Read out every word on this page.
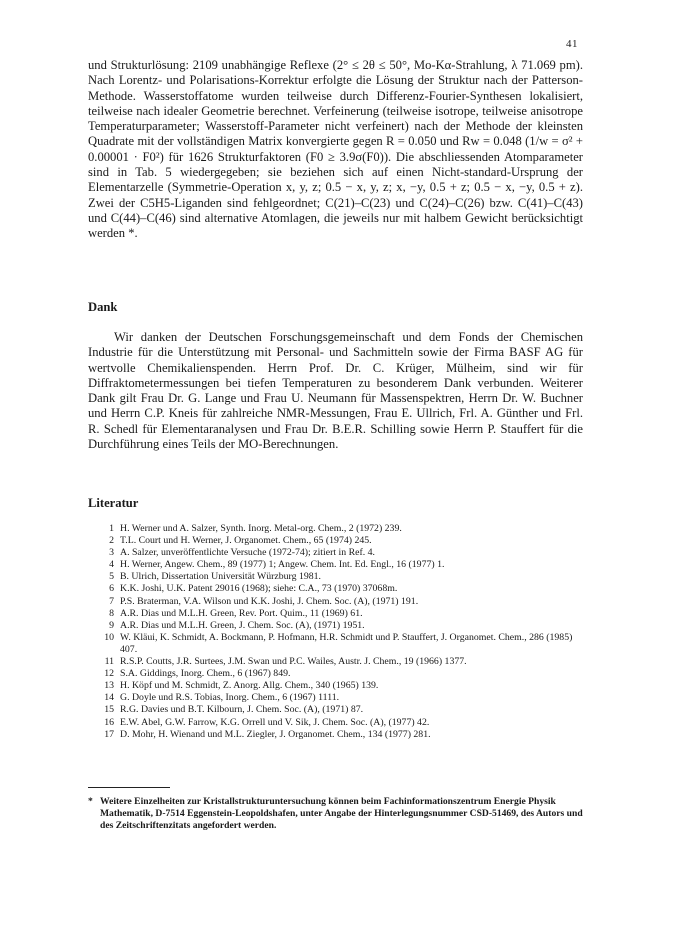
41

und Strukturlösung: 2109 unabhängige Reflexe (2° ≤ 2θ ≤ 50°, Mo-Kα-Strahlung, λ 71.069 pm). Nach Lorentz- und Polarisations-Korrektur erfolgte die Lösung der Struktur nach der Patterson-Methode. Wasserstoffatome wurden teilweise durch Differenz-Fourier-Synthesen lokalisiert, teilweise nach idealer Geometrie berechnet. Verfeinerung (teilweise isotrope, teilweise anisotrope Temperaturparameter; Wasserstoff-Parameter nicht verfeinert) nach der Methode der kleinsten Quadrate mit der vollständigen Matrix konvergierte gegen R = 0.050 und Rw = 0.048 (1/w = σ² + 0.00001 · F0²) für 1626 Strukturfaktoren (F0 ≥ 3.9σ(F0)). Die abschliessenden Atomparameter sind in Tab. 5 wiedergegeben; sie beziehen sich auf einen Nicht-standard-Ursprung der Elementarzelle (Symmetrie-Operation x, y, z; 0.5 − x, y, z; x, −y, 0.5 + z; 0.5 − x, −y, 0.5 + z). Zwei der C5H5-Liganden sind fehlgeordnet; C(21)–C(23) und C(24)–C(26) bzw. C(41)–C(43) und C(44)–C(46) sind alternative Atomlagen, die jeweils nur mit halbem Gewicht berücksichtigt werden *.

Dank

Wir danken der Deutschen Forschungsgemeinschaft und dem Fonds der Chemischen Industrie für die Unterstützung mit Personal- und Sachmitteln sowie der Firma BASF AG für wertvolle Chemikalienspenden. Herrn Prof. Dr. C. Krüger, Mülheim, sind wir für Diffraktometermessungen bei tiefen Temperaturen zu besonderem Dank verbunden. Weiterer Dank gilt Frau Dr. G. Lange und Frau U. Neumann für Massenspektren, Herrn Dr. W. Buchner und Herrn C.P. Kneis für zahlreiche NMR-Messungen, Frau E. Ullrich, Frl. A. Günther und Frl. R. Schedl für Elementaranalysen und Frau Dr. B.E.R. Schilling sowie Herrn P. Stauffert für die Durchführung eines Teils der MO-Berechnungen.

Literatur
1 H. Werner und A. Salzer, Synth. Inorg. Metal-org. Chem., 2 (1972) 239.
2 T.L. Court und H. Werner, J. Organomet. Chem., 65 (1974) 245.
3 A. Salzer, unveröffentlichte Versuche (1972-74); zitiert in Ref. 4.
4 H. Werner, Angew. Chem., 89 (1977) 1; Angew. Chem. Int. Ed. Engl., 16 (1977) 1.
5 B. Ulrich, Dissertation Universität Würzburg 1981.
6 K.K. Joshi, U.K. Patent 29016 (1968); siehe: C.A., 73 (1970) 37068m.
7 P.S. Braterman, V.A. Wilson und K.K. Joshi, J. Chem. Soc. (A), (1971) 191.
8 A.R. Dias und M.L.H. Green, Rev. Port. Quim., 11 (1969) 61.
9 A.R. Dias und M.L.H. Green, J. Chem. Soc. (A), (1971) 1951.
10 W. Kläui, K. Schmidt, A. Bockmann, P. Hofmann, H.R. Schmidt und P. Stauffert, J. Organomet. Chem., 286 (1985) 407.
11 R.S.P. Coutts, J.R. Surtees, J.M. Swan und P.C. Wailes, Austr. J. Chem., 19 (1966) 1377.
12 S.A. Giddings, Inorg. Chem., 6 (1967) 849.
13 H. Köpf und M. Schmidt, Z. Anorg. Allg. Chem., 340 (1965) 139.
14 G. Doyle und R.S. Tobias, Inorg. Chem., 6 (1967) 1111.
15 R.G. Davies und B.T. Kilbourn, J. Chem. Soc. (A), (1971) 87.
16 E.W. Abel, G.W. Farrow, K.G. Orrell und V. Sik, J. Chem. Soc. (A), (1977) 42.
17 D. Mohr, H. Wienand und M.L. Ziegler, J. Organomet. Chem., 134 (1977) 281.
* Weitere Einzelheiten zur Kristallstrukturuntersuchung können beim Fachinformationszentrum Energie Physik Mathematik, D-7514 Eggenstein-Leopoldshafen, unter Angabe der Hinterlegungsnummer CSD-51469, des Autors und des Zeitschriftenzitats angefordert werden.
